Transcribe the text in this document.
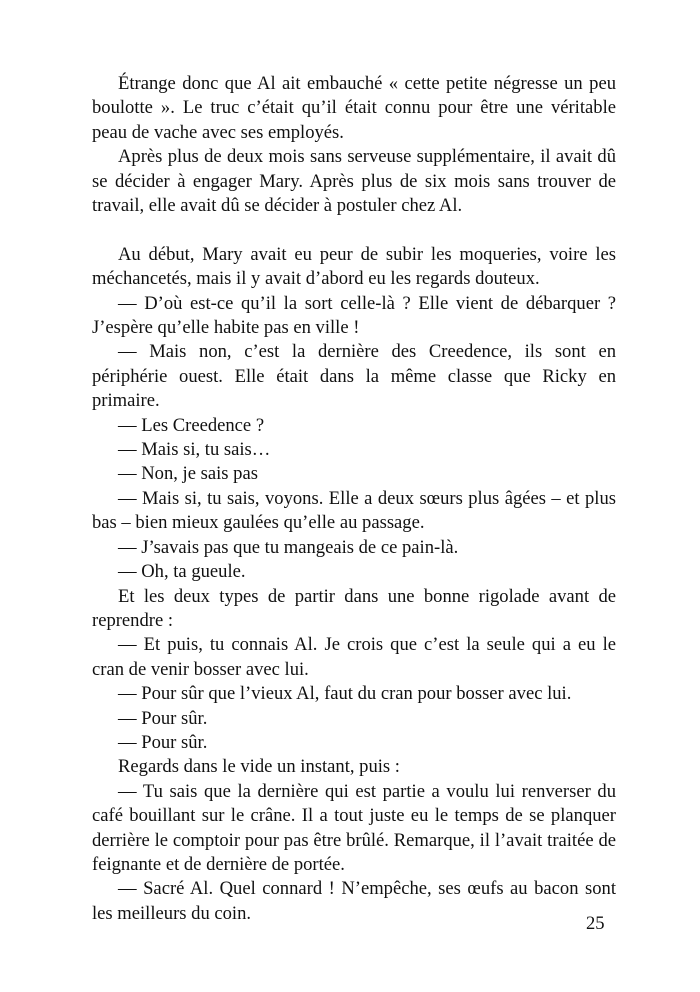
Étrange donc que Al ait embauché « cette petite négresse un peu boulotte ». Le truc c’était qu’il était connu pour être une véritable peau de vache avec ses employés.

Après plus de deux mois sans serveuse supplémentaire, il avait dû se décider à engager Mary. Après plus de six mois sans trouver de travail, elle avait dû se décider à postuler chez Al.

Au début, Mary avait eu peur de subir les moqueries, voire les méchancetés, mais il y avait d’abord eu les regards douteux.

— D’où est-ce qu’il la sort celle-là ? Elle vient de débarquer ? J’espère qu’elle habite pas en ville !

— Mais non, c’est la dernière des Creedence, ils sont en périphérie ouest. Elle était dans la même classe que Ricky en primaire.

— Les Creedence ?

— Mais si, tu sais…

— Non, je sais pas

— Mais si, tu sais, voyons. Elle a deux sœurs plus âgées – et plus bas – bien mieux gaulées qu’elle au passage.

— J’savais pas que tu mangeais de ce pain-là.

— Oh, ta gueule.

Et les deux types de partir dans une bonne rigolade avant de reprendre :

— Et puis, tu connais Al. Je crois que c’est la seule qui a eu le cran de venir bosser avec lui.

— Pour sûr que l’vieux Al, faut du cran pour bosser avec lui.

— Pour sûr.

— Pour sûr.

Regards dans le vide un instant, puis :

— Tu sais que la dernière qui est partie a voulu lui renverser du café bouillant sur le crâne. Il a tout juste eu le temps de se planquer derrière le comptoir pour pas être brûlé. Remarque, il l’avait traitée de feignante et de dernière de portée.

— Sacré Al. Quel connard ! N’empêche, ses œufs au bacon sont les meilleurs du coin.	25
